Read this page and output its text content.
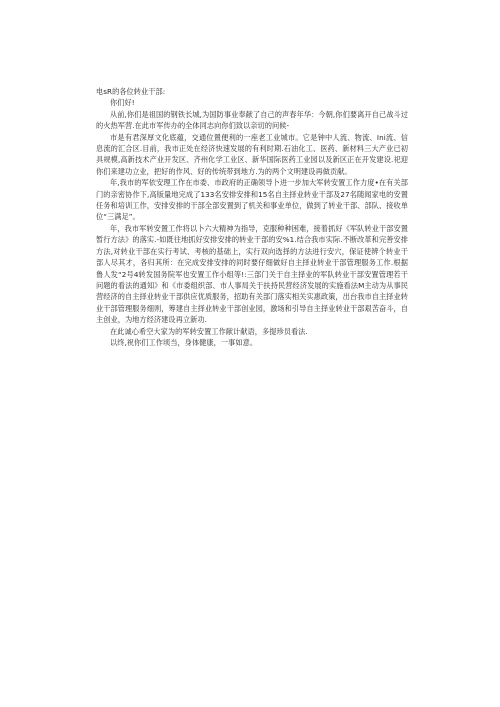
电sR的各位转业干部:

你们好!

从前,你们是祖国的钢铁长城,为国防事业奉献了自己的声春年华：今朝,你们要离开自己战斗过的火热军营.在此市军传办的全体同志向你们致以亲切的问候-

市是有君深厚文化底蕴，交通位置便利的一座老工业城市。它是钟中人流、物流、Ini流、信息流的汇合区.目前，我市正处在经济快速发展的有利时期.石油化工、医药、新材料三大产业已初具规模,高新技术产业开发区、齐州化学工业区、新华国际医药工业园以及新区正在开发建设.祀迎你们来建功立业，把好的作风、好的传统带到地方.为的两个文明建设再做贡献。

年,我市的军依安理工作在市委、市政府的正确领导卜进一步加大军转安置工作力度•在有关部门的亲密协作下,高版量地完成了133名安排安排和15名自主择业转业干部及27名随闻家电的安置任务和培训工作，安排安排的干部全部安置到了机关和事业单位，做到了转业干部、部队、接收单位“三满足”。

年，我市军转安置工作将以卜六大精神为指导，克服种种困难，接着抓好《军队转业干部安置暂行方法》的落实.-如既往地抓好安排安排的转业干部的安%1.结合我市实际.不断改革和完善安排方法,对转业干部在实行考试、考核的基础上，实行双向选择的方法进行安穴，保证使辨个转业干部人尽其才，各归其所：在完成安排安排的同时要仔细做好自主择业转业干部管理服务工作.根据鲁人发“2号4转发国务院军也安置工作小组等!:三部门关于自主择业的军队转业干部安置管理若干问题的看法的通知》和《市委组织部、市人事局关于扶持民营经济发展的实施看法M主动为从事民营经济的自主择业转业干部供应优质服务，招助有关部门落实相关实惠政策，出台我市自主择业转业干部管理服务细则，筹建自主择业转业干部创业园，激场和引导自主择业转业干部艰苦奋斗，自主创业，为地方经济建设再立新功.

在此诚心希空大家为的军转安置工作献计献语，多提珍员看法.

以终,祝你们工作顷当，身体健康，一事如意。
